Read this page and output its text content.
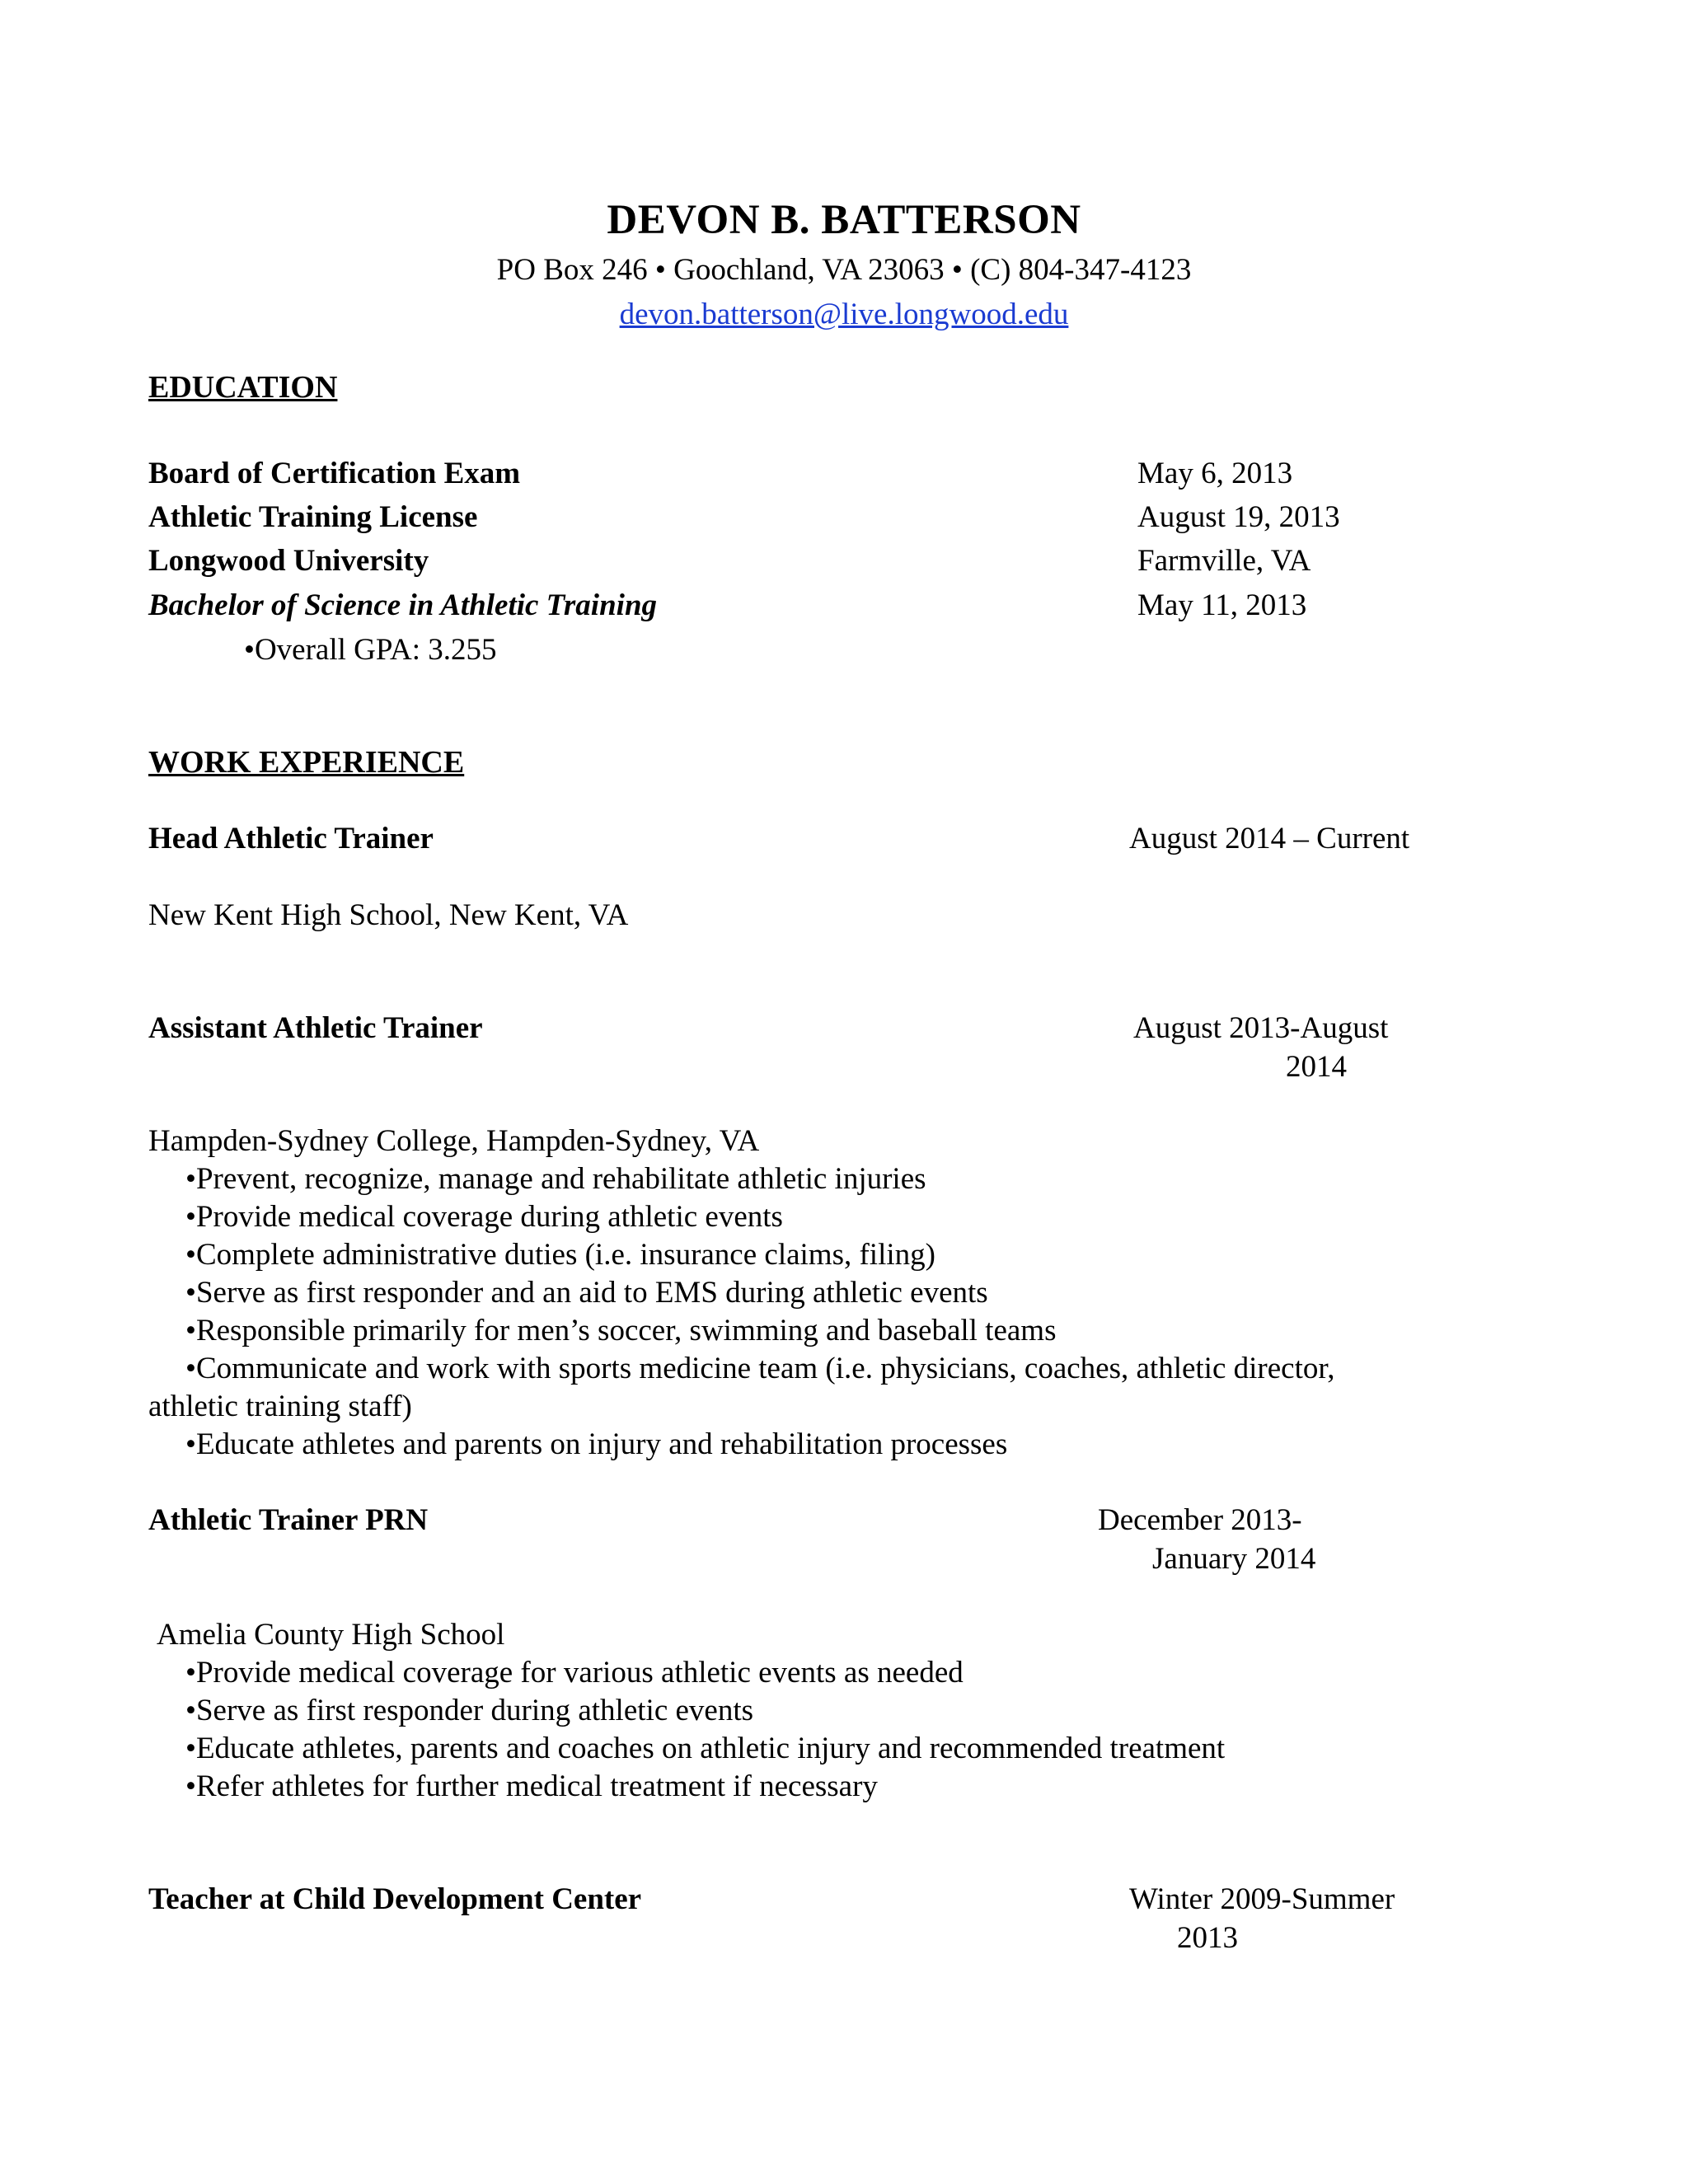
DEVON B. BATTERSON
PO Box 246 • Goochland, VA 23063 • (C) 804-347-4123
devon.batterson@live.longwood.edu
EDUCATION
Board of Certification Exam	May 6, 2013
Athletic Training License	August 19, 2013
Longwood University	Farmville, VA
Bachelor of Science in Athletic Training	May 11, 2013
•Overall GPA: 3.255
WORK EXPERIENCE
Head Athletic Trainer	August 2014 – Current
New Kent High School, New Kent, VA
Assistant Athletic Trainer	August 2013-August
2014
Hampden-Sydney College, Hampden-Sydney, VA
•Prevent, recognize, manage and rehabilitate athletic injuries
•Provide medical coverage during athletic events
•Complete administrative duties (i.e. insurance claims, filing)
•Serve as first responder and an aid to EMS during athletic events
•Responsible primarily for men’s soccer, swimming and baseball teams
•Communicate and work with sports medicine team (i.e. physicians, coaches, athletic director,
athletic training staff)
•Educate athletes and parents on injury and rehabilitation processes
Athletic Trainer PRN	December 2013-
January 2014
Amelia County High School
•Provide medical coverage for various athletic events as needed
•Serve as first responder during athletic events
•Educate athletes, parents and coaches on athletic injury and recommended treatment
•Refer athletes for further medical treatment if necessary
Teacher at Child Development Center	Winter 2009-Summer
2013
